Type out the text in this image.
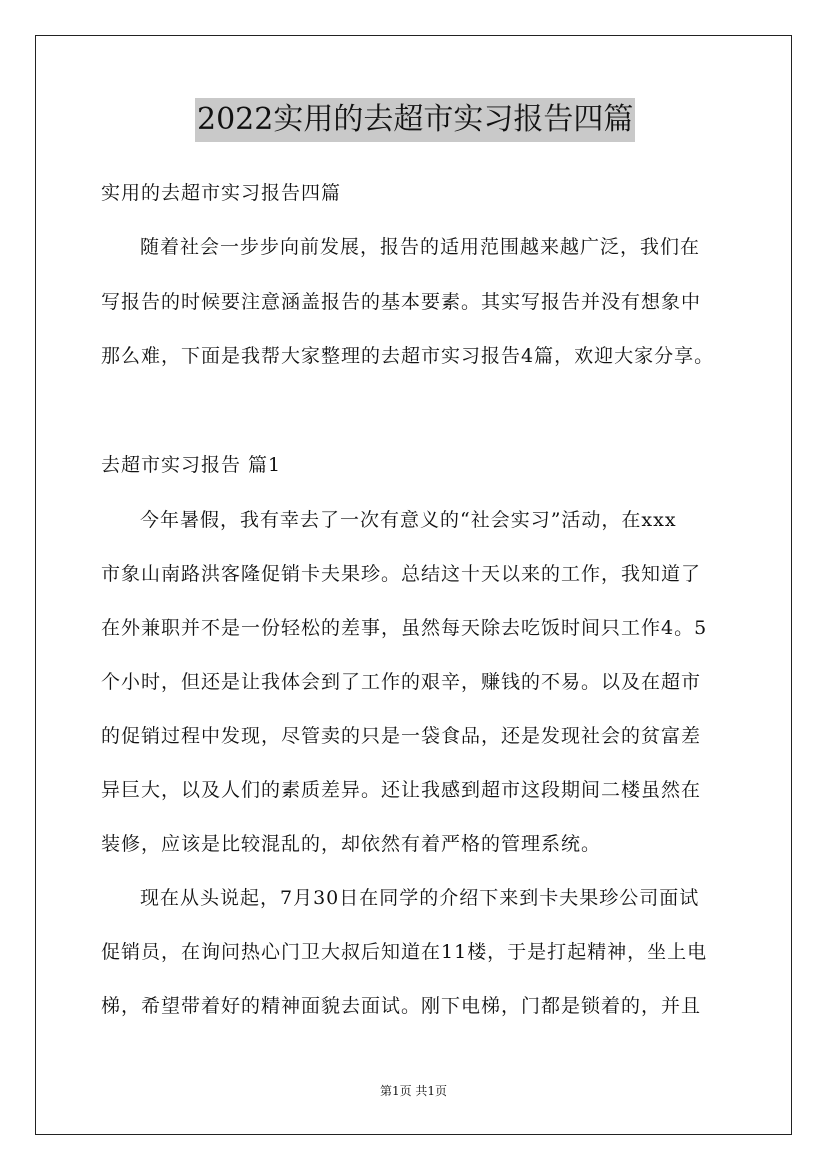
2022实用的去超市实习报告四篇
实用的去超市实习报告四篇
随着社会一步步向前发展，报告的适用范围越来越广泛，我们在
写报告的时候要注意涵盖报告的基本要素。其实写报告并没有想象中
那么难，下面是我帮大家整理的去超市实习报告4篇，欢迎大家分享。
去超市实习报告 篇1
今年暑假，我有幸去了一次有意义的“社会实习”活动，在xxx
市象山南路洪客隆促销卡夫果珍。总结这十天以来的工作，我知道了
在外兼职并不是一份轻松的差事，虽然每天除去吃饭时间只工作4。5
个小时，但还是让我体会到了工作的艰辛，赚钱的不易。以及在超市
的促销过程中发现，尽管卖的只是一袋食品，还是发现社会的贫富差
异巨大，以及人们的素质差异。还让我感到超市这段期间二楼虽然在
装修，应该是比较混乱的，却依然有着严格的管理系统。
现在从头说起，7月30日在同学的介绍下来到卡夫果珍公司面试
促销员，在询问热心门卫大叔后知道在11楼，于是打起精神，坐上电
梯，希望带着好的精神面貌去面试。刚下电梯，门都是锁着的，并且
第1页 共1页
